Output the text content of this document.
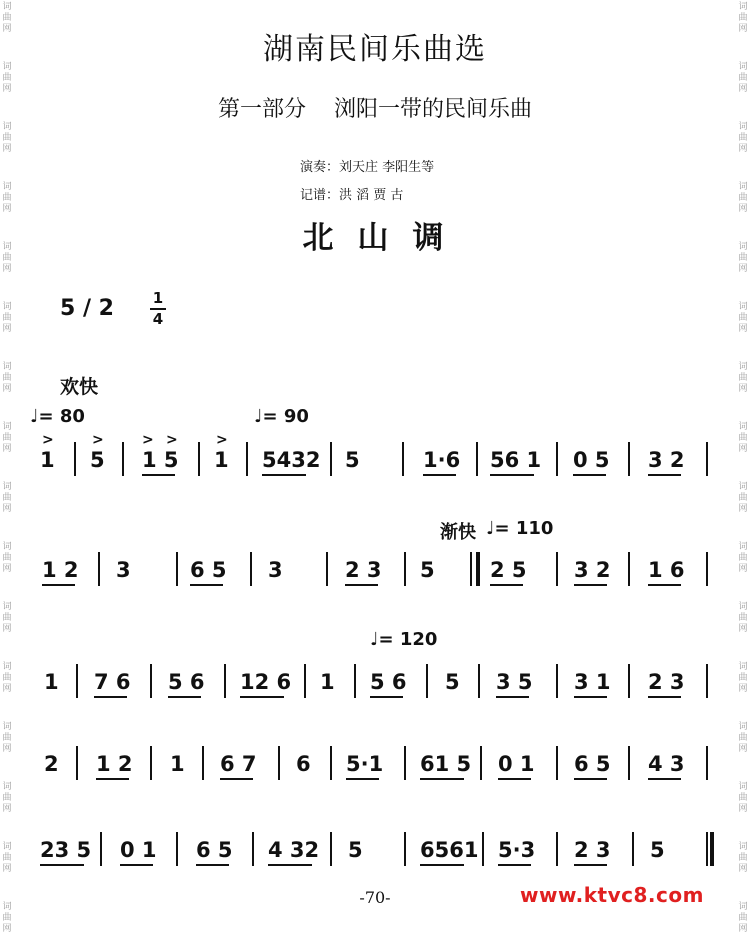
词
曲
网
词
曲
网
词
曲
网
词
曲
网
词
曲
网
词
曲
网
词
曲
网
词
曲
网
词
曲
网
词
曲
网
词
曲
网
词
曲
网
词
曲
网
词
曲
网
词
曲
网
词
曲
网
词
曲
网
词
曲
网
词
曲
网
词
曲
网
词
曲
网
词
曲
网
词
曲
网
词
曲
网
词
曲
网
词
曲
网
词
曲
网
词
曲
网
词
曲
网
词
曲
网
词
曲
网
词
曲
网
湖南民间乐曲选
第一部分    浏阳一带的民间乐曲
演奏：刘天庄 李阳生等
记谱：洪 滔 贾 古
北山调
5 / 2	1
4
欢快
♩= 80	♩= 90
渐快 ♩= 110
♩= 120
>	>	> >	>
1 5 1 5 1 5432 5	1·6 56 1 0 5 3 2
1 2 3	6 5 3	2 3 5	2 5 3 2 1 6
1 7 6 5 6 12 6 1 5 6 5 3 5 3 1 2 3
2 1 2 1 6 7 6 5·1 61 5 0 1 6 5 4 3
23 5 0 1 6 5 4 32 5	6561 5·3 2 3 5
-70-	www.ktvc8.com
